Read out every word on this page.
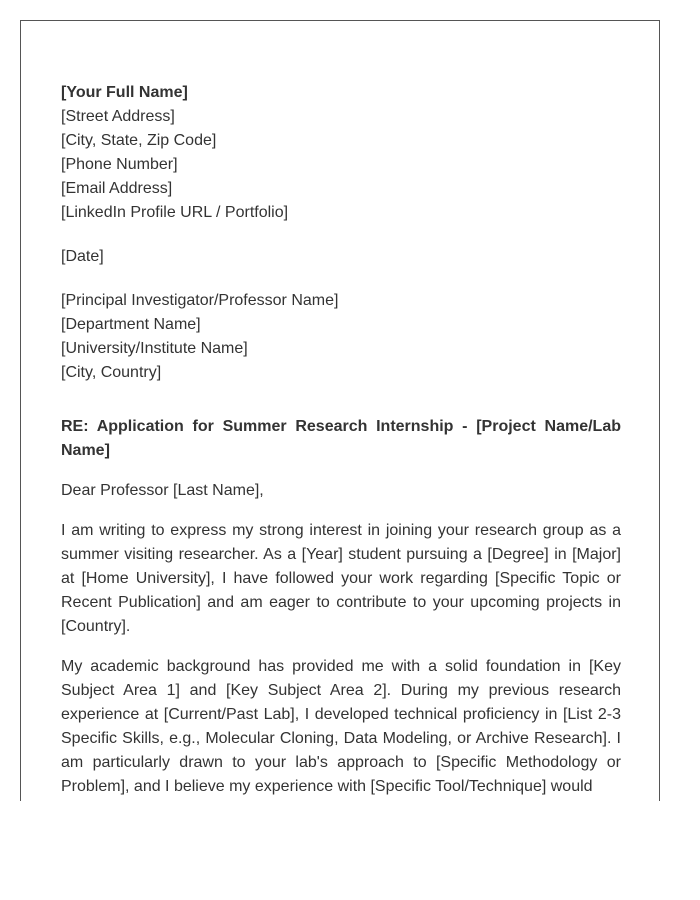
[Your Full Name]
[Street Address]
[City, State, Zip Code]
[Phone Number]
[Email Address]
[LinkedIn Profile URL / Portfolio]
[Date]
[Principal Investigator/Professor Name]
[Department Name]
[University/Institute Name]
[City, Country]

RE: Application for Summer Research Internship - [Project Name/Lab Name]

Dear Professor [Last Name],

I am writing to express my strong interest in joining your research group as a summer visiting researcher. As a [Year] student pursuing a [Degree] in [Major] at [Home University], I have followed your work regarding [Specific Topic or Recent Publication] and am eager to contribute to your upcoming projects in [Country].

My academic background has provided me with a solid foundation in [Key Subject Area 1] and [Key Subject Area 2]. During my previous research experience at [Current/Past Lab], I developed technical proficiency in [List 2-3 Specific Skills, e.g., Molecular Cloning, Data Modeling, or Archive Research]. I am particularly drawn to your lab's approach to [Specific Methodology or Problem], and I believe my experience with [Specific Tool/Technique] would
